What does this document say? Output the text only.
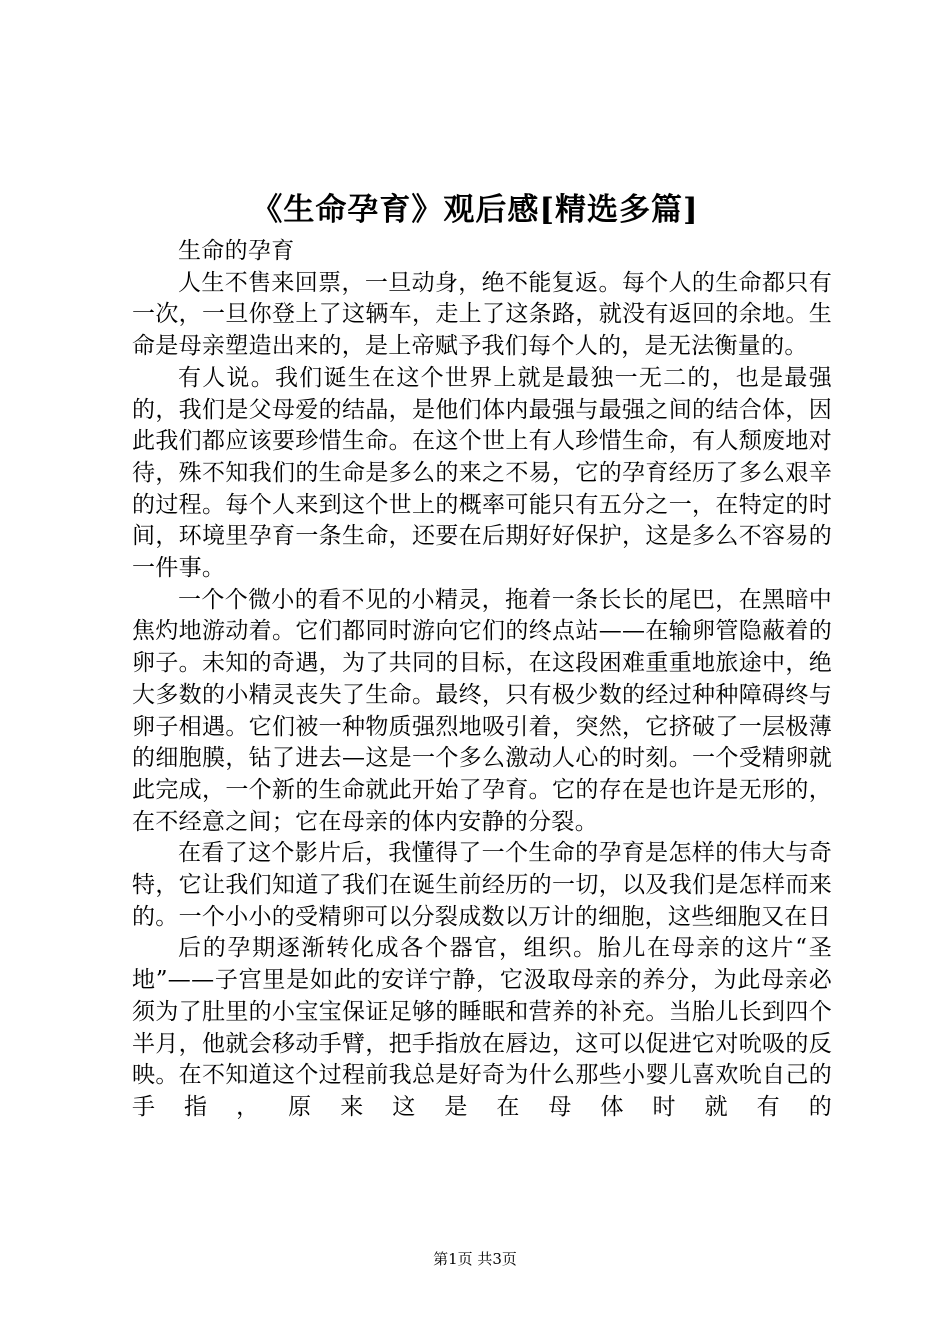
《生命孕育》观后感[精选多篇]

生命的孕育

人生不售来回票，一旦动身，绝不能复返。每个人的生命都只有一次，一旦你登上了这辆车，走上了这条路，就没有返回的余地。生命是母亲塑造出来的，是上帝赋予我们每个人的，是无法衡量的。

有人说。我们诞生在这个世界上就是最独一无二的，也是最强的，我们是父母爱的结晶，是他们体内最强与最强之间的结合体，因此我们都应该要珍惜生命。在这个世上有人珍惜生命，有人颓废地对待，殊不知我们的生命是多么的来之不易，它的孕育经历了多么艰辛的过程。每个人来到这个世上的概率可能只有五分之一，在特定的时间，环境里孕育一条生命，还要在后期好好保护，这是多么不容易的一件事。

一个个微小的看不见的小精灵，拖着一条长长的尾巴，在黑暗中焦灼地游动着。它们都同时游向它们的终点站——在输卵管隐蔽着的卵子。未知的奇遇，为了共同的目标，在这段困难重重地旅途中，绝大多数的小精灵丧失了生命。最终，只有极少数的经过种种障碍终与卵子相遇。它们被一种物质强烈地吸引着，突然，它挤破了一层极薄的细胞膜，钻了进去—这是一个多么激动人心的时刻。一个受精卵就此完成，一个新的生命就此开始了孕育。它的存在是也许是无形的，在不经意之间；它在母亲的体内安静的分裂。

在看了这个影片后，我懂得了一个生命的孕育是怎样的伟大与奇特，它让我们知道了我们在诞生前经历的一切，以及我们是怎样而来的。一个小小的受精卵可以分裂成数以万计的细胞，这些细胞又在日

后的孕期逐渐转化成各个器官，组织。胎儿在母亲的这片“圣地”——子宫里是如此的安详宁静，它汲取母亲的养分，为此母亲必须为了肚里的小宝宝保证足够的睡眠和营养的补充。当胎儿长到四个半月，他就会移动手臂，把手指放在唇边，这可以促进它对吮吸的反映。在不知道这个过程前我总是好奇为什么那些小婴儿喜欢吮自己的手指，原来这是在母体时就有的

第1页 共3页
